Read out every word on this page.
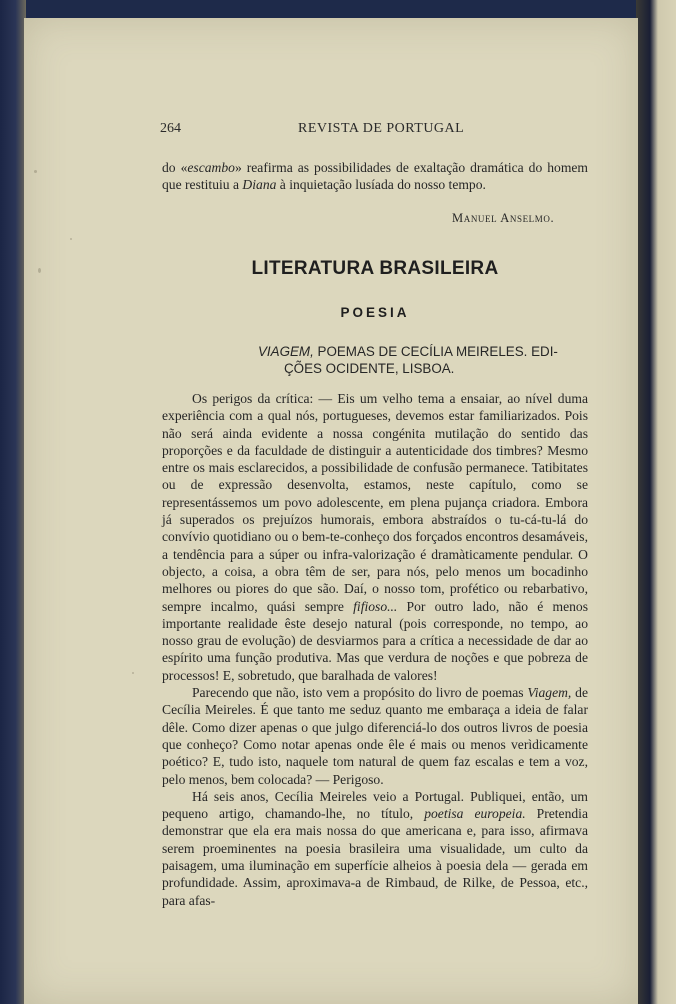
264	REVISTA DE PORTUGAL
do «escambo» reafirma as possibilidades de exaltação dramática do homem que restituiu a Diana à inquietação lusíada do nosso tempo.
Manuel Anselmo.
LITERATURA BRASILEIRA
POESIA
VIAGEM, POEMAS DE CECÍLIA MEIRELES. EDI-
ÇÕES OCIDENTE, LISBOA.

Os perigos da crítica: — Eis um velho tema a ensaiar, ao nível duma experiência com a qual nós, portugueses, devemos estar familiarizados. Pois não será ainda evidente a nossa congénita mutilação do sentido das proporções e da faculdade de distinguir a autenticidade dos timbres? Mesmo entre os mais esclarecidos, a possibilidade de confusão permanece. Tatibitates ou de expressão desenvolta, estamos, neste capítulo, como se representássemos um povo adolescente, em plena pujança criadora. Embora já superados os prejuízos humorais, embora abstraídos o tu-cá-tu-lá do convívio quotidiano ou o bem-te-conheço dos forçados encontros desamáveis, a tendência para a súper ou infra-valorização é dramàticamente pendular. O objecto, a coisa, a obra têm de ser, para nós, pelo menos um bocadinho melhores ou piores do que são. Daí, o nosso tom, profético ou rebarbativo, sempre incalmo, quási sempre fifioso... Por outro lado, não é menos importante realidade êste desejo natural (pois corresponde, no tempo, ao nosso grau de evolução) de desviarmos para a crítica a necessidade de dar ao espírito uma função produtiva. Mas que verdura de noções e que pobreza de processos! E, sobretudo, que baralhada de valores!

Parecendo que não, isto vem a propósito do livro de poemas Viagem, de Cecília Meireles. É que tanto me seduz quanto me embaraça a ideia de falar dêle. Como dizer apenas o que julgo diferenciá-lo dos outros livros de poesia que conheço? Como notar apenas onde êle é mais ou menos verìdicamente poético? E, tudo isto, naquele tom natural de quem faz escalas e tem a voz, pelo menos, bem colocada? — Perigoso.

Há seis anos, Cecília Meireles veio a Portugal. Publiquei, então, um pequeno artigo, chamando-lhe, no título, poetisa europeia. Pretendia demonstrar que ela era mais nossa do que americana e, para isso, afirmava serem proeminentes na poesia brasileira uma visualidade, um culto da paisagem, uma iluminação em superfície alheios à poesia dela — gerada em profundidade. Assim, aproximava-a de Rimbaud, de Rilke, de Pessoa, etc., para afas-
